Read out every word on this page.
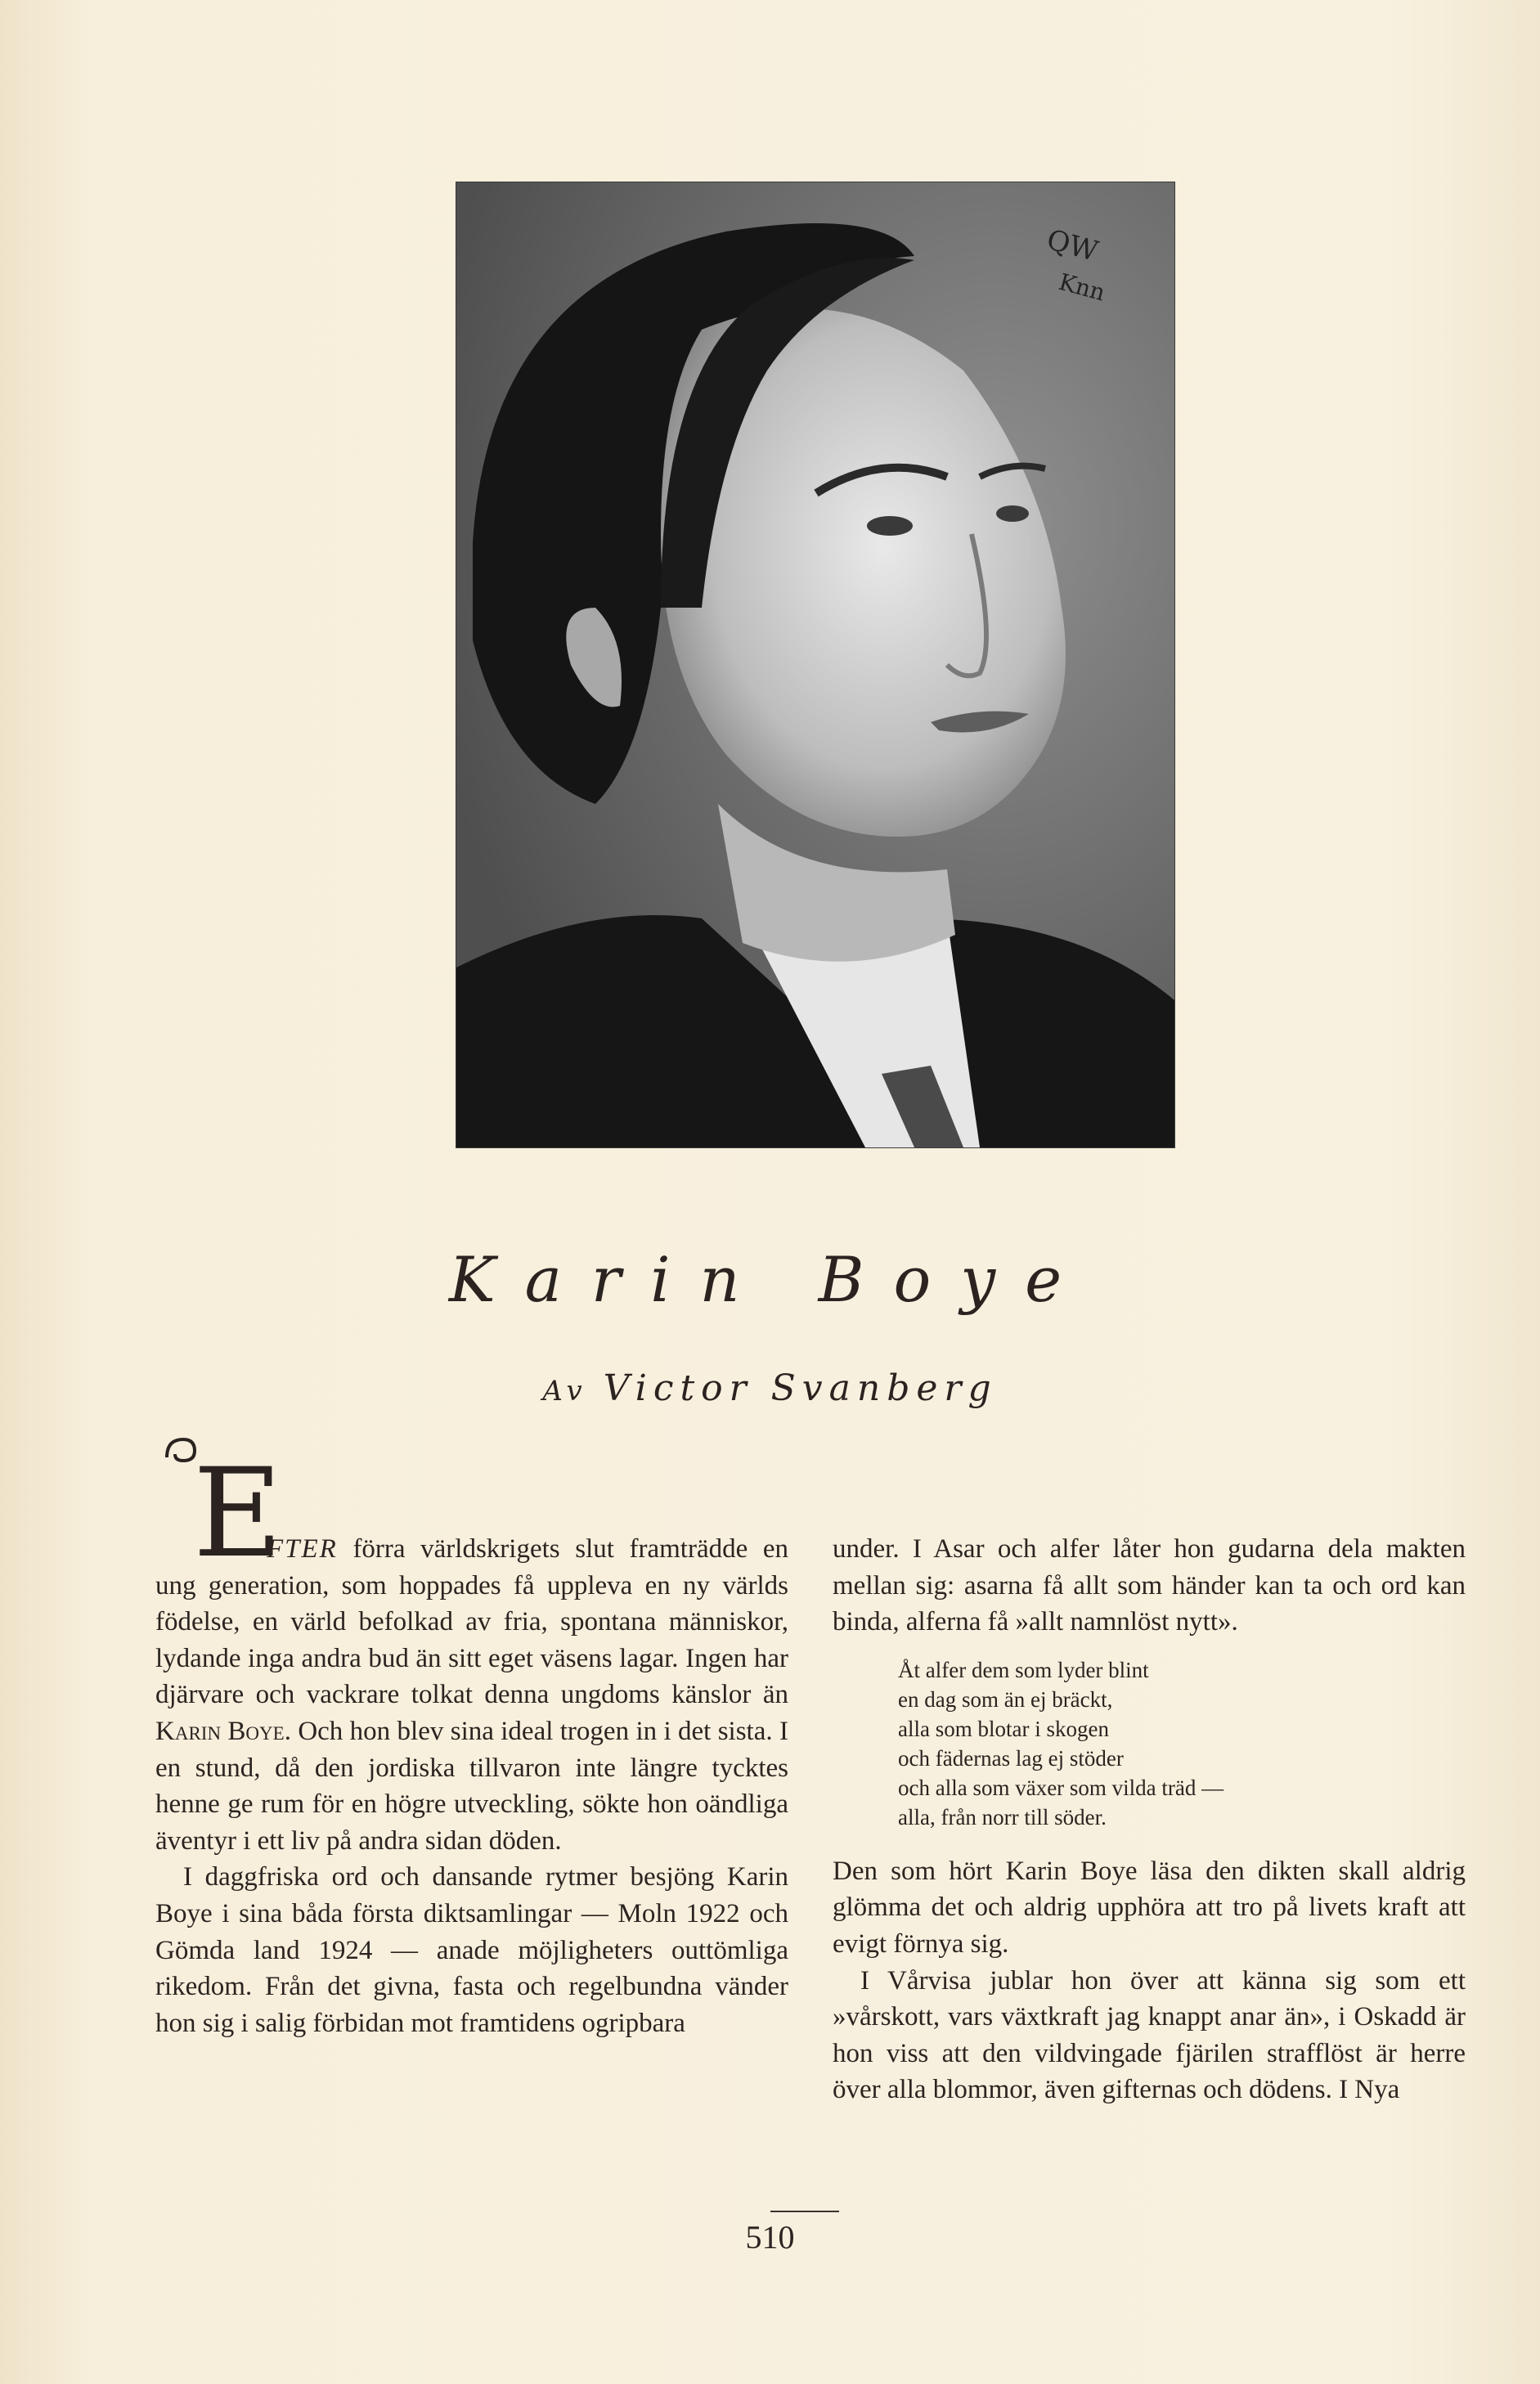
QW
Knn
Karin Boye
Av Victor Svanberg
E

FTER förra världskrigets slut framträdde en ung generation, som hoppades få uppleva en ny världs födelse, en värld befolkad av fria, spontana människor, lydande inga andra bud än sitt eget väsens lagar. Ingen har djärvare och vackrare tolkat denna ungdoms känslor än Karin Boye. Och hon blev sina ideal trogen in i det sista. I en stund, då den jordiska tillvaron inte längre tycktes henne ge rum för en högre utveckling, sökte hon oändliga äventyr i ett liv på andra sidan döden.

I daggfriska ord och dansande rytmer besjöng Karin Boye i sina båda första diktsamlingar — Moln 1922 och Gömda land 1924 — anade möjligheters outtömliga rikedom. Från det givna, fasta och regelbundna vänder hon sig i salig förbidan mot framtidens ogripbara

under. I Asar och alfer låter hon gudarna dela makten mellan sig: asarna få allt som händer kan ta och ord kan binda, alferna få »allt namnlöst nytt».

Åt alfer dem som lyder blint
en dag som än ej bräckt,
alla som blotar i skogen
och fädernas lag ej stöder
och alla som växer som vilda träd —
alla, från norr till söder.

Den som hört Karin Boye läsa den dikten skall aldrig glömma det och aldrig upphöra att tro på livets kraft att evigt förnya sig.

I Vårvisa jublar hon över att känna sig som ett »vårskott, vars växtkraft jag knappt anar än», i Oskadd är hon viss att den vildvingade fjärilen strafflöst är herre över alla blommor, även gifternas och dödens. I Nya

510
